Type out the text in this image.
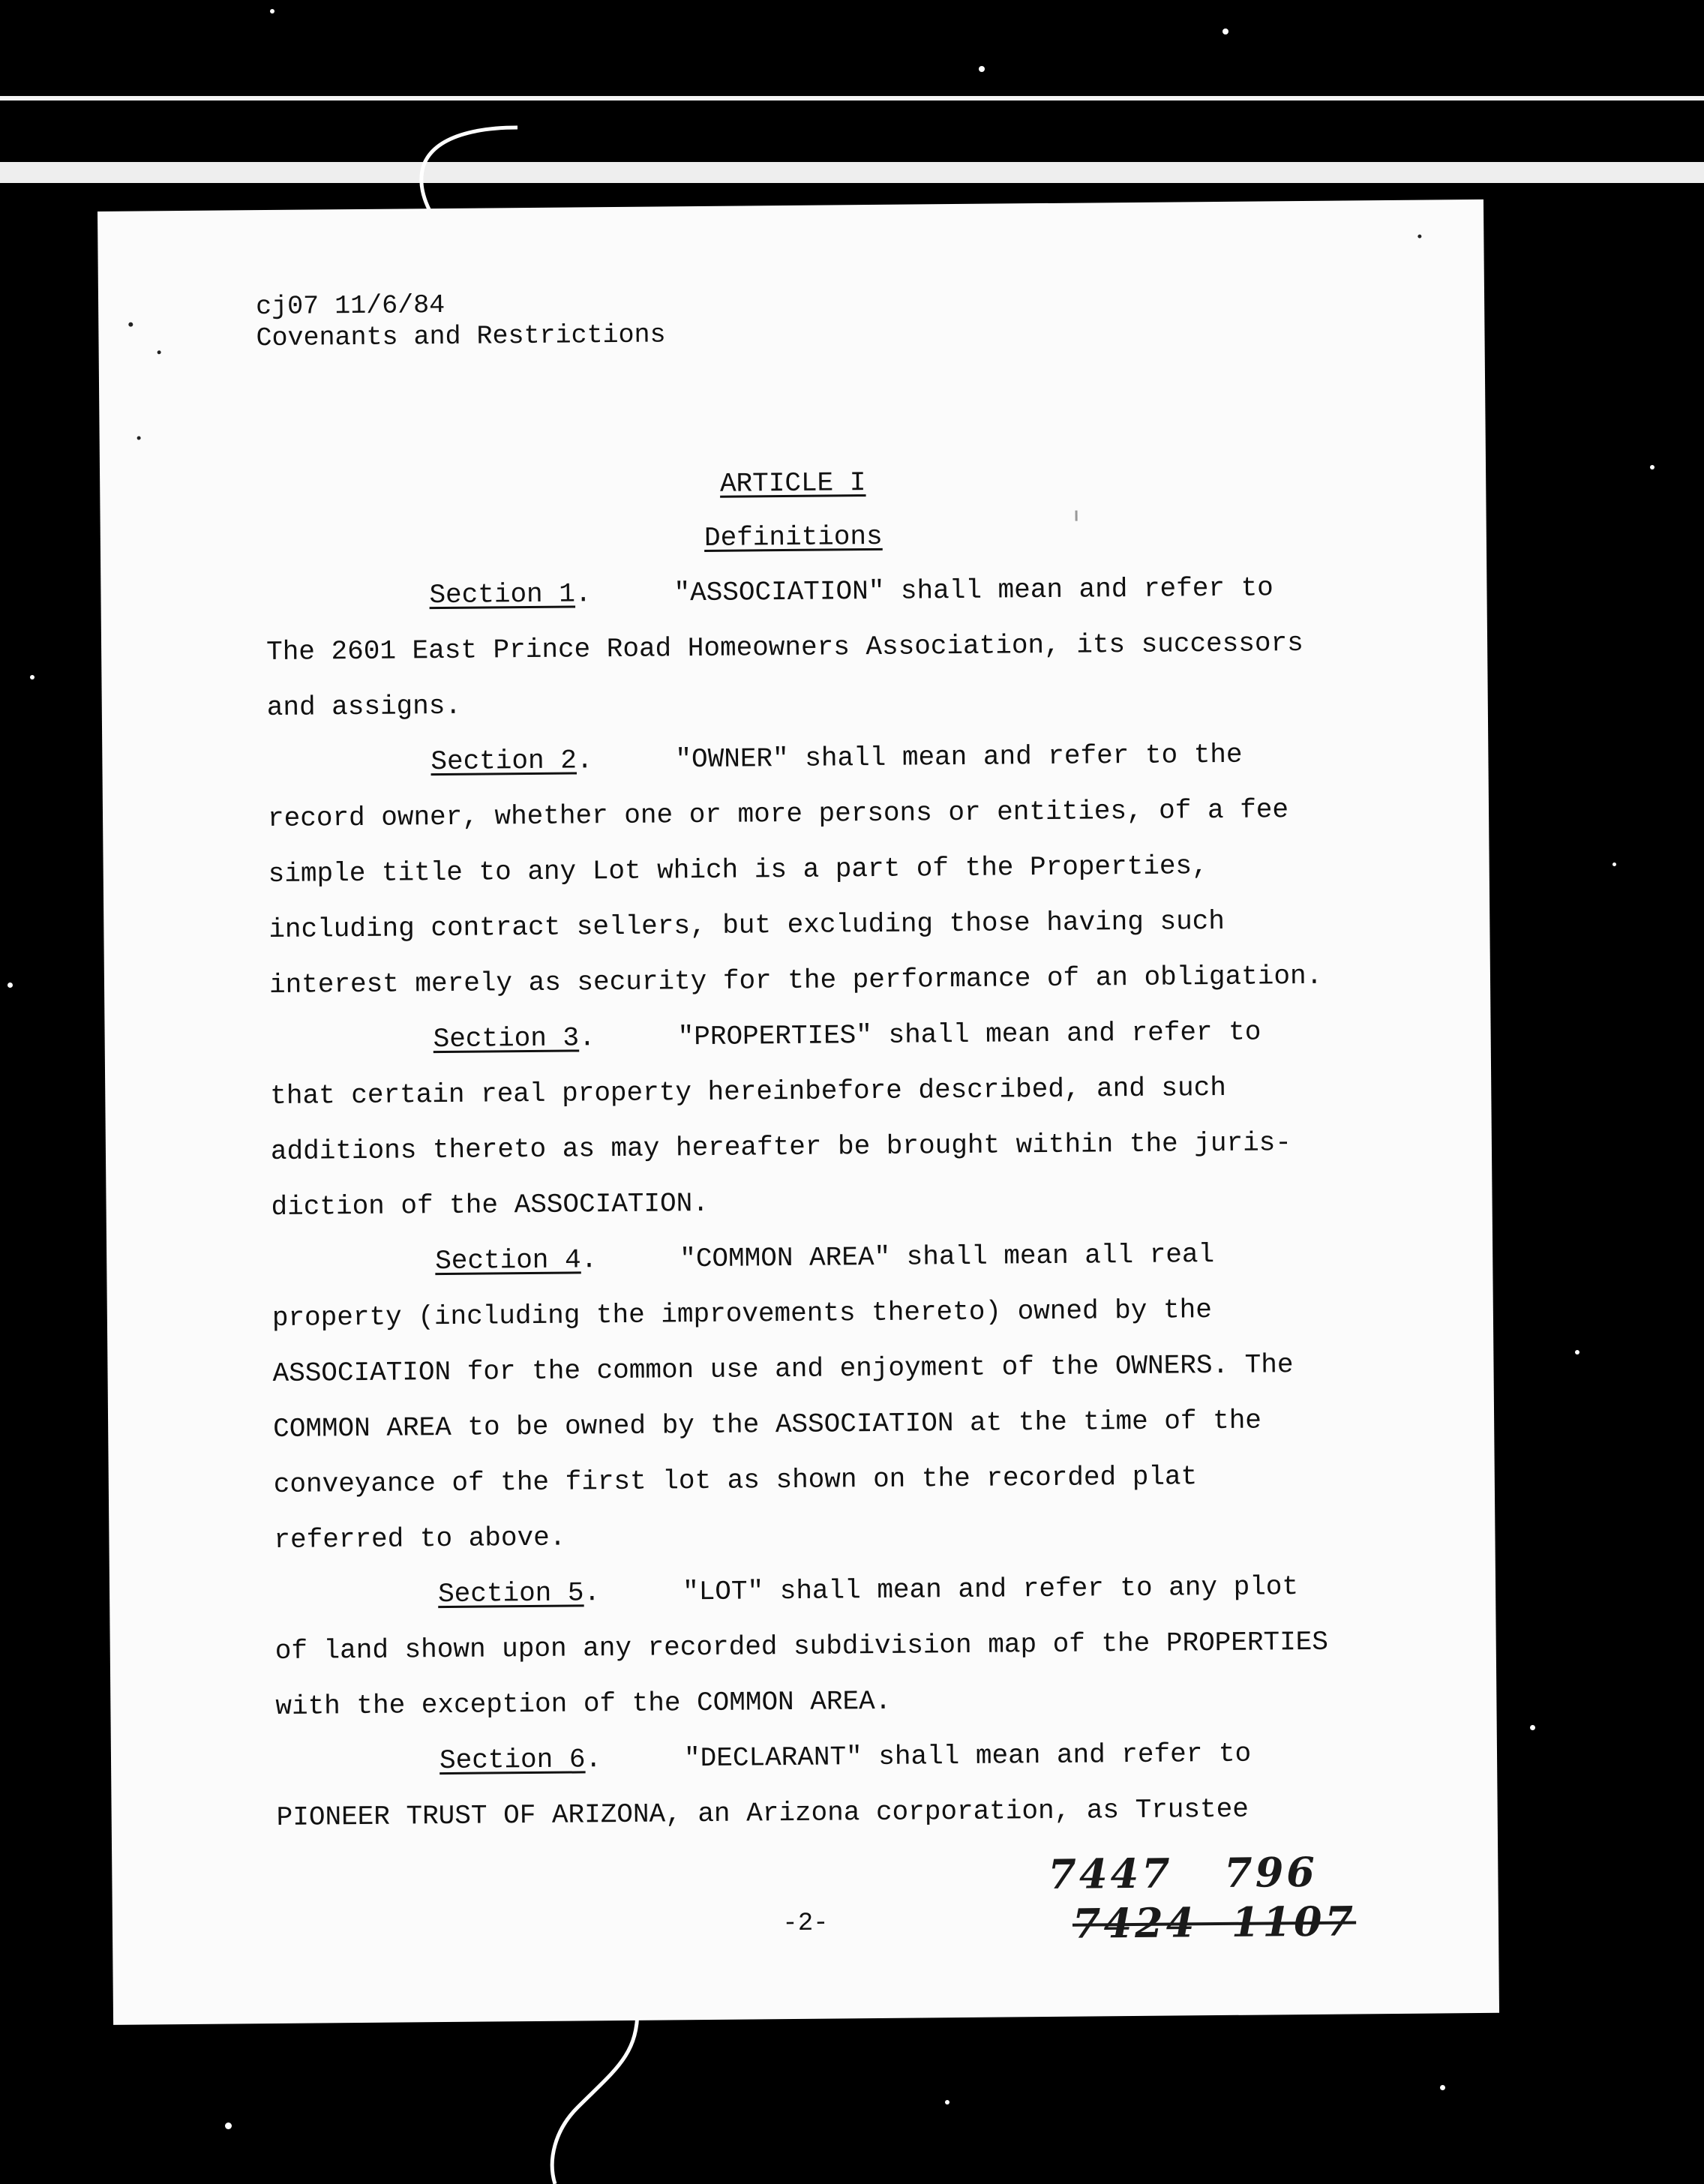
cj07 11/6/84
Covenants and Restrictions
ARTICLE I
Definitions
Section 1.	"ASSOCIATION" shall mean and refer to
The 2601 East Prince Road Homeowners Association, its successors
and assigns.
Section 2.	"OWNER" shall mean and refer to the
record owner, whether one or more persons or entities, of a fee
simple title to any Lot which is a part of the Properties,
including contract sellers, but excluding those having such
interest merely as security for the performance of an obligation.
Section 3.	"PROPERTIES" shall mean and refer to
that certain real property hereinbefore described, and such
additions thereto as may hereafter be brought within the juris-
diction of the ASSOCIATION.
Section 4.	"COMMON AREA" shall mean all real
property (including the improvements thereto) owned by the
ASSOCIATION for the common use and enjoyment of the OWNERS. The
COMMON AREA to be owned by the ASSOCIATION at the time of the
conveyance of the first lot as shown on the recorded plat
referred to above.
Section 5.	"LOT" shall mean and refer to any plot
of land shown upon any recorded subdivision map of the PROPERTIES
with the exception of the COMMON AREA.
Section 6.	"DECLARANT" shall mean and refer to
PIONEER TRUST OF ARIZONA, an Arizona corporation, as Trustee
-2-
7447   796
7424  1107
